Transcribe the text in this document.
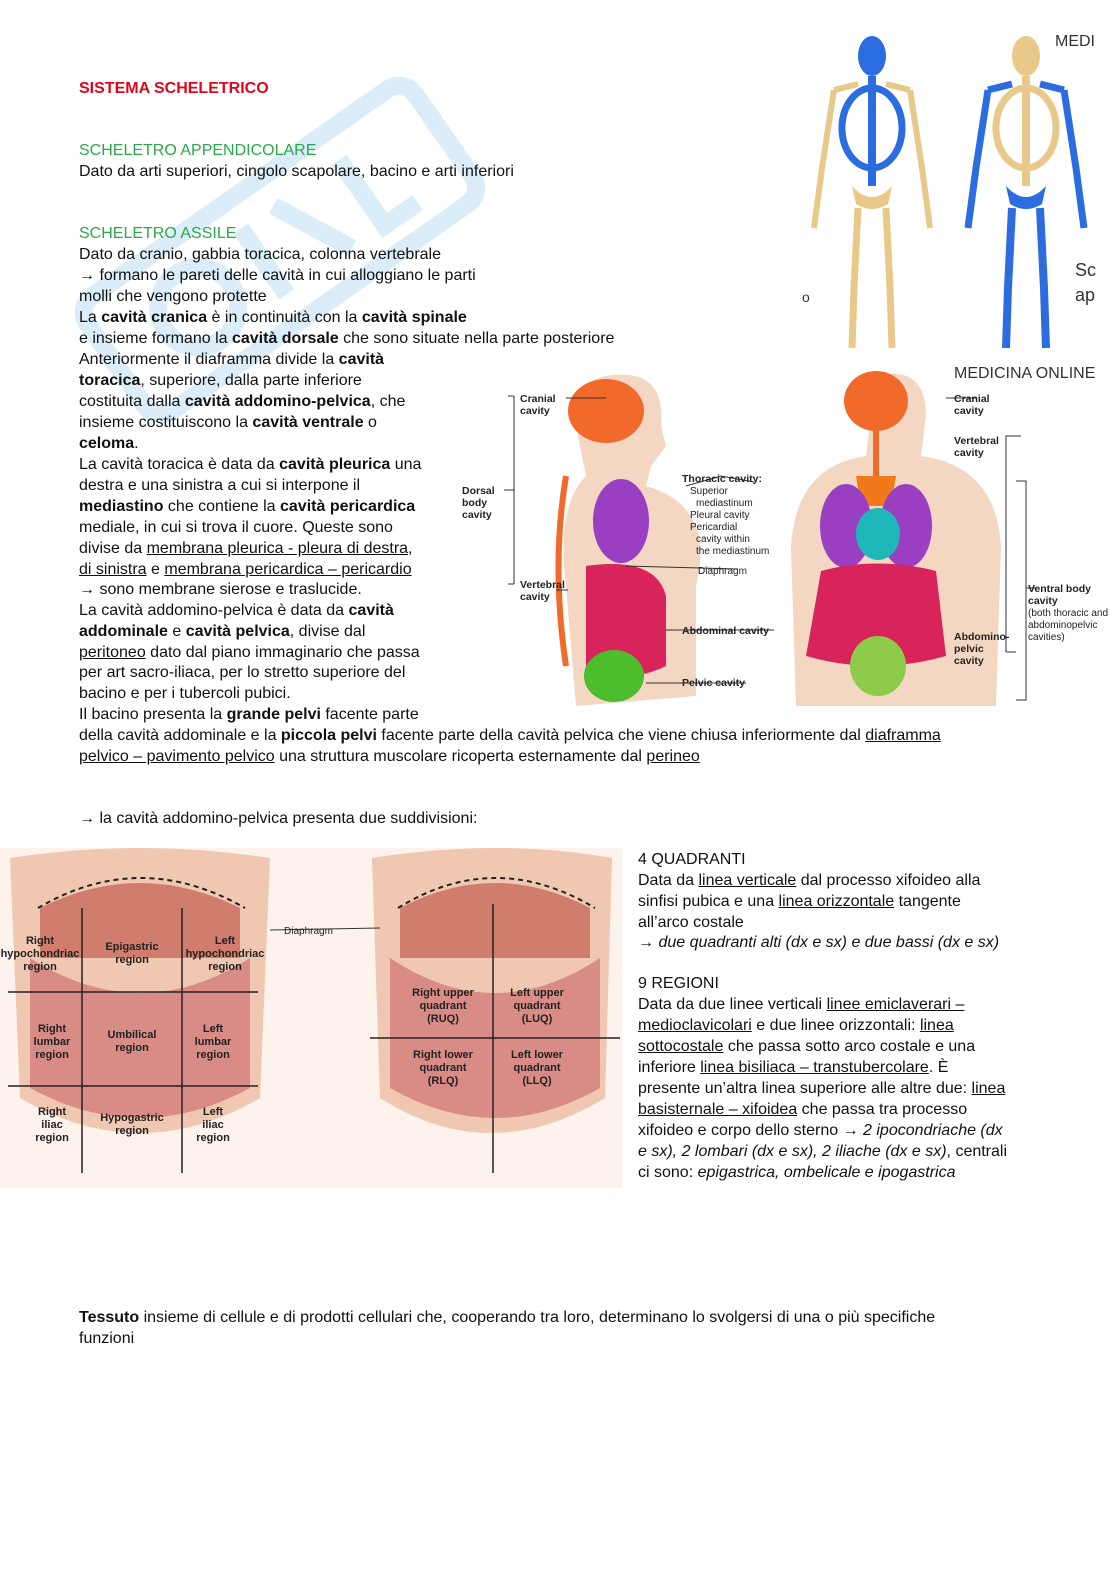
SISTEMA SCHELETRICO
SCHELETRO APPENDICOLARE
Dato da arti superiori, cingolo scapolare, bacino e arti inferiori
SCHELETRO ASSILE
Dato da cranio, gabbia toracica, colonna vertebrale
→ formano le pareti delle cavità in cui alloggiano le parti
molli che vengono protette
La cavità cranica è in continuità con la cavità spinale
e insieme formano la cavità dorsale che sono situate nella parte posteriore
Anteriormente il diaframma divide la cavità
toracica, superiore, dalla parte inferiore
costituita dalla cavità addomino-pelvica, che
insieme costituiscono la cavità ventrale o
celoma.
La cavità toracica è data da cavità pleurica una
destra e una sinistra a cui si interpone il
mediastino che contiene la cavità pericardica
mediale, in cui si trova il cuore. Queste sono
divise da membrana pleurica - pleura di destra,
di sinistra e membrana pericardica – pericardio
→ sono membrane sierose e traslucide.
La cavità addomino-pelvica è data da cavità
addominale e cavità pelvica, divise dal
peritoneo dato dal piano immaginario che passa
per art sacro-iliaca, per lo stretto superiore del
bacino e per i tubercoli pubici.
Il bacino presenta la grande pelvi facente parte
della cavità addominale e la piccola pelvi facente parte della cavità pelvica che viene chiusa inferiormente dal diaframma
pelvico – pavimento pelvico una struttura muscolare ricoperta esternamente dal perineo
→ la cavità addomino-pelvica presenta due suddivisioni:
4 QUADRANTI
Data da linea verticale dal processo xifoideo alla
sinfisi pubica e una linea orizzontale tangente
all’arco costale
→ due quadranti alti (dx e sx) e due bassi (dx e sx)
9 REGIONI
Data da due linee verticali linee emiclaverari –
medioclavicolari e due linee orizzontali: linea
sottocostale che passa sotto arco costale e una
inferiore linea bisiliaca – transtubercolare. È
presente un’altra linea superiore alle altre due: linea
basisternale – xifoidea che passa tra processo
xifoideo e corpo dello sterno → 2 ipocondriache (dx
e sx), 2 lombari (dx e sx), 2 iliache (dx e sx), centrali
ci sono: epigastrica, ombelicale e ipogastrica
Tessuto insieme di cellule e di prodotti cellulari che, cooperando tra loro, determinano lo svolgersi di una o più specifiche
funzioni
MEDI
Sc
ap
o
MEDICINA ONLINE
Cranial
cavity
Dorsal
body
cavity
Vertebral
cavity
Thoracic cavity:
Superior
mediastinum
Pleural cavity
Pericardial
cavity within
the mediastinum
Diaphragm
Abdominal cavity
Pelvic cavity
Cranial
cavity
Vertebral
cavity
Ventral body
cavity
(both thoracic and
abdominopelvic
cavities)
Abdomino-
pelvic
cavity
Diaphragm
Right
hypochondriac
region
Epigastric
region
Left
hypochondriac
region
Right
lumbar
region
Umbilical
region
Left
lumbar
region
Right
iliac
region
Hypogastric
region
Left
iliac
region
Right upper
quadrant
(RUQ)
Left upper
quadrant
(LUQ)
Right lower
quadrant
(RLQ)
Left lower
quadrant
(LLQ)
